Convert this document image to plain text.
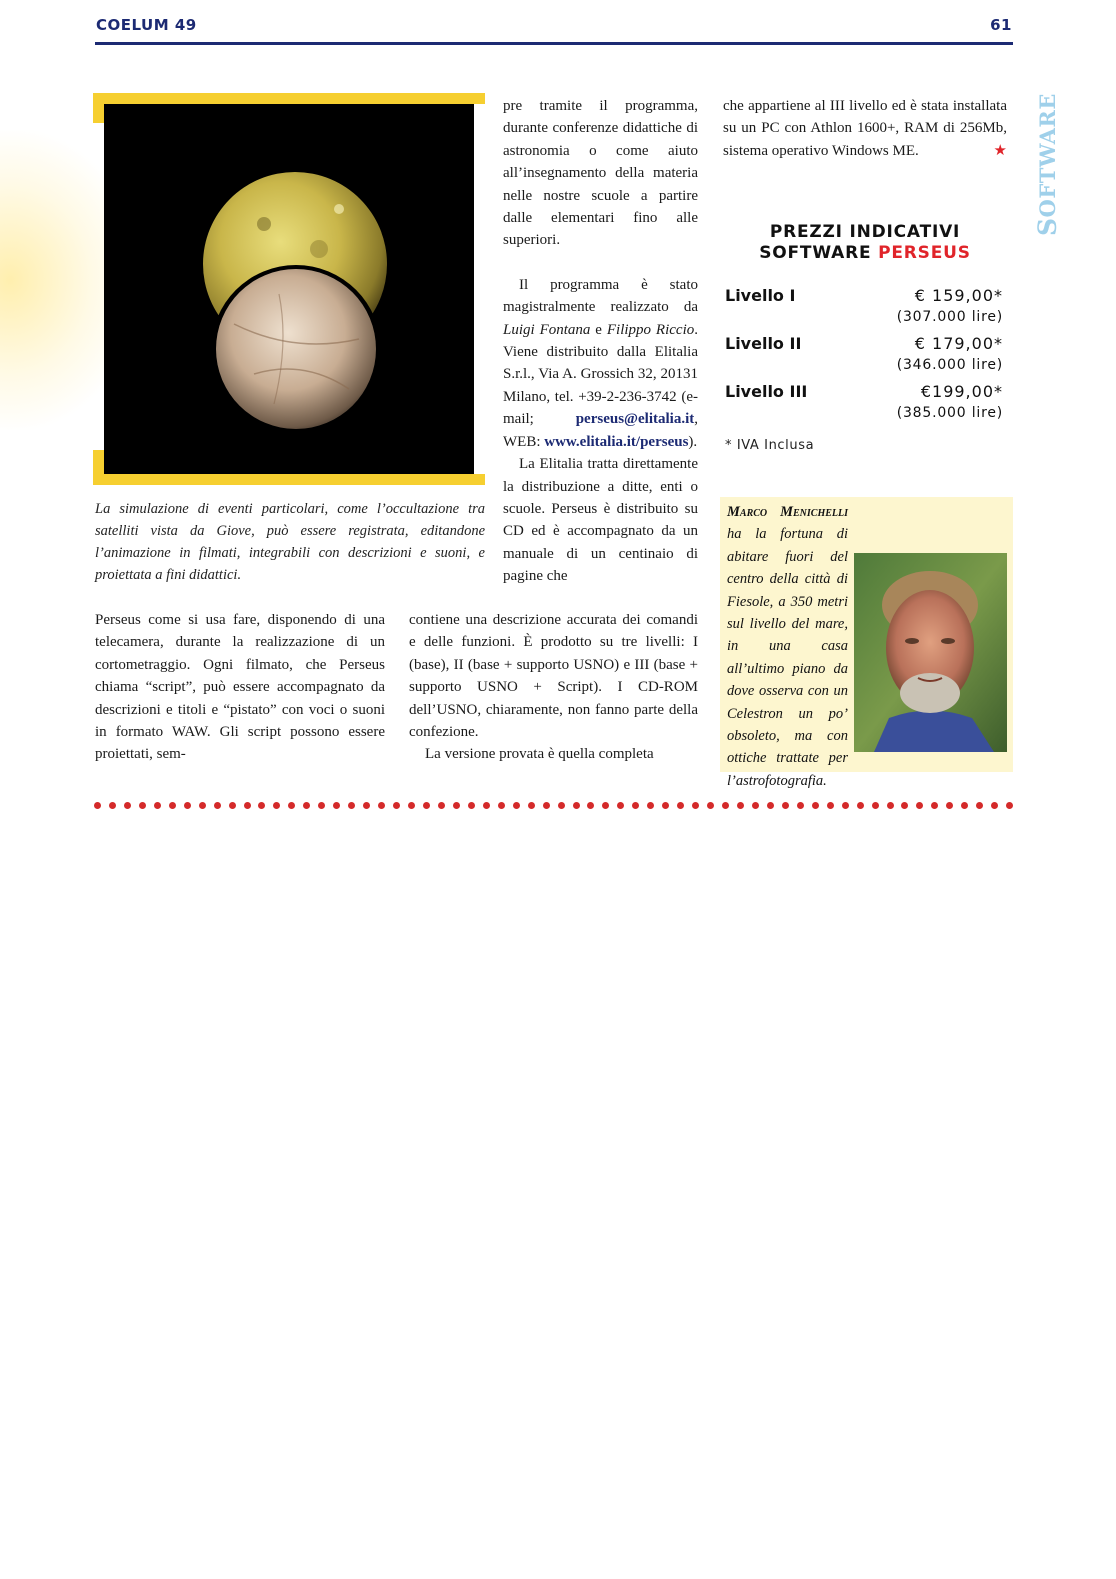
COELUM 49	61
SOFTWARE
La simulazione di eventi particolari, come l’occultazione tra satelliti vista da Giove, può essere registrata, editandone l’animazione in filmati, integrabili con descrizioni e suoni, e proiettata a fini didattici.

Perseus come si usa fare, disponendo di una telecamera, durante la realizzazione di un cortometraggio. Ogni filmato, che Perseus chiama “script”, può essere accompagnato da descrizioni e titoli e “pistato” con voci o suoni in formato WAW. Gli script possono essere proiettati, sem-

pre tramite il programma, durante conferenze didattiche di astronomia o come aiuto all’insegnamento della materia nelle nostre scuole a partire dalle elementari fino alle superiori.

Il programma è stato magistralmente realizzato da Luigi Fontana e Filippo Riccio. Viene distribuito dalla Elitalia S.r.l., Via A. Grossich 32, 20131 Milano, tel. +39-2-236-3742 (e-mail; perseus@elitalia.it, WEB: www.elitalia.it/perseus).

La Elitalia tratta direttamente la distribuzione a ditte, enti o scuole. Perseus è distribuito su CD ed è accompagnato da un manuale di un centinaio di pagine che

contiene una descrizione accurata dei comandi e delle funzioni. È prodotto su tre livelli: I (base), II (base + supporto USNO) e III (base + supporto USNO + Script). I CD-ROM dell’USNO, chiaramente, non fanno parte della confezione.

La versione provata è quella completa

che appartiene al III livello ed è stata installata su un PC con Athlon 1600+, RAM di 256Mb, sistema operativo Windows ME.	★

PREZZI INDICATIVI
SOFTWARE PERSEUS
Livello I	€ 159,00*
(307.000 lire)
Livello II	€ 179,00*
(346.000 lire)
Livello III	€199,00*
(385.000 lire)
* IVA Inclusa
Marco Menichelli ha la fortuna di abitare fuori del centro della città di Fiesole, a 350 metri sul livello del mare, in una casa all’ultimo piano da dove osserva con un Celestron un po’ obsoleto, ma con ottiche trattate per l’astrofotografia.
